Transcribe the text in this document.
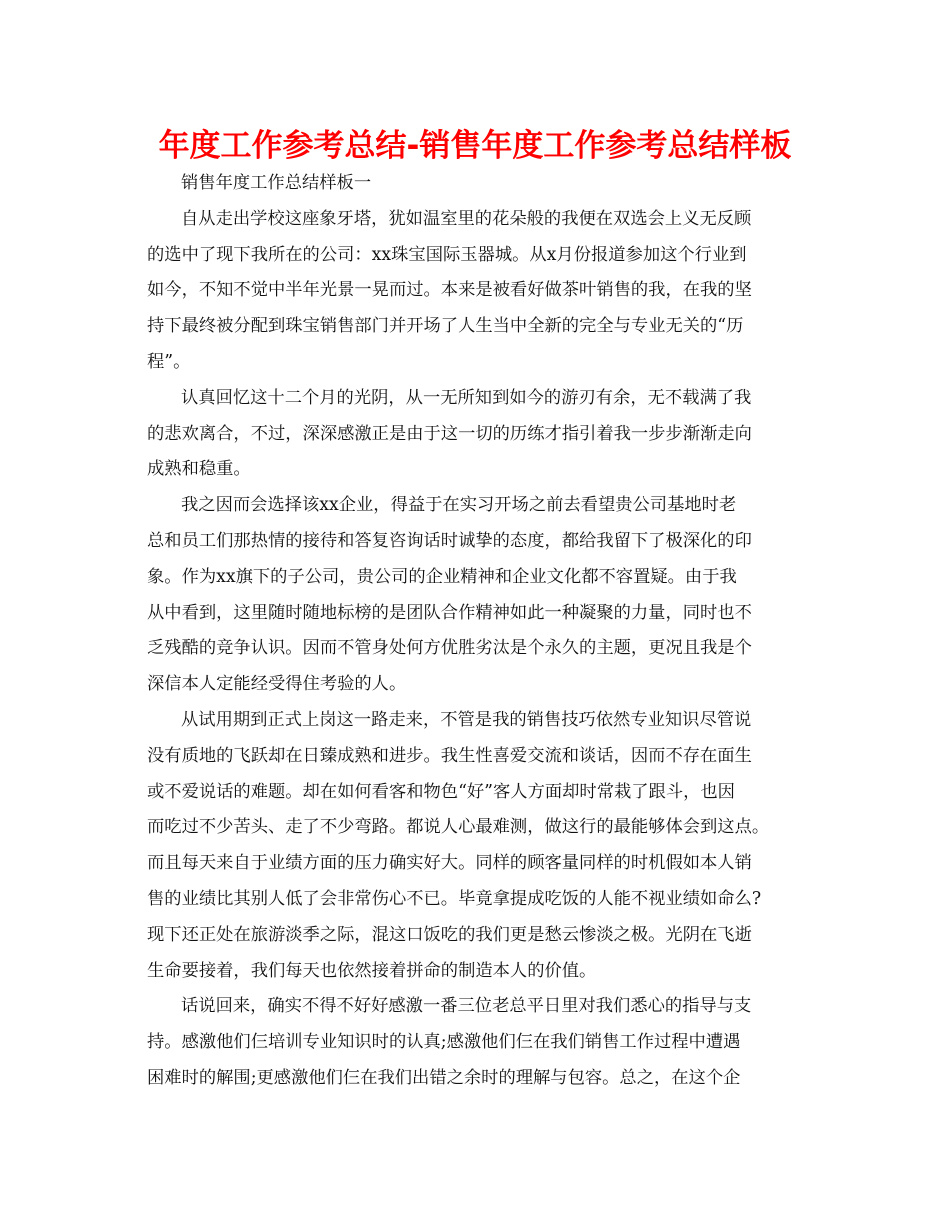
年度工作参考总结-销售年度工作参考总结样板
销售年度工作总结样板一
自从走出学校这座象牙塔，犹如温室里的花朵般的我便在双选会上义无反顾
的选中了现下我所在的公司：xx珠宝国际玉器城。从x月份报道参加这个行业到
如今，不知不觉中半年光景一晃而过。本来是被看好做茶叶销售的我，在我的坚
持下最终被分配到珠宝销售部门并开场了人生当中全新的完全与专业无关的“历
程”。
认真回忆这十二个月的光阴，从一无所知到如今的游刃有余，无不载满了我
的悲欢离合，不过，深深感激正是由于这一切的历练才指引着我一步步渐渐走向
成熟和稳重。
我之因而会选择该xx企业，得益于在实习开场之前去看望贵公司基地时老
总和员工们那热情的接待和答复咨询话时诚挚的态度，都给我留下了极深化的印
象。作为xx旗下的子公司，贵公司的企业精神和企业文化都不容置疑。由于我
从中看到，这里随时随地标榜的是团队合作精神如此一种凝聚的力量，同时也不
乏残酷的竞争认识。因而不管身处何方优胜劣汰是个永久的主题，更况且我是个
深信本人定能经受得住考验的人。
从试用期到正式上岗这一路走来，不管是我的销售技巧依然专业知识尽管说
没有质地的飞跃却在日臻成熟和进步。我生性喜爱交流和谈话，因而不存在面生
或不爱说话的难题。却在如何看客和物色“好”客人方面却时常栽了跟斗，也因
而吃过不少苦头、走了不少弯路。都说人心最难测，做这行的最能够体会到这点。
而且每天来自于业绩方面的压力确实好大。同样的顾客量同样的时机假如本人销
售的业绩比其别人低了会非常伤心不已。毕竟拿提成吃饭的人能不视业绩如命么?
现下还正处在旅游淡季之际，混这口饭吃的我们更是愁云惨淡之极。光阴在飞逝
生命要接着，我们每天也依然接着拼命的制造本人的价值。
话说回来，确实不得不好好感激一番三位老总平日里对我们悉心的指导与支
持。感激他们仨培训专业知识时的认真;感激他们仨在我们销售工作过程中遭遇
困难时的解围;更感激他们仨在我们出错之余时的理解与包容。总之，在这个企
